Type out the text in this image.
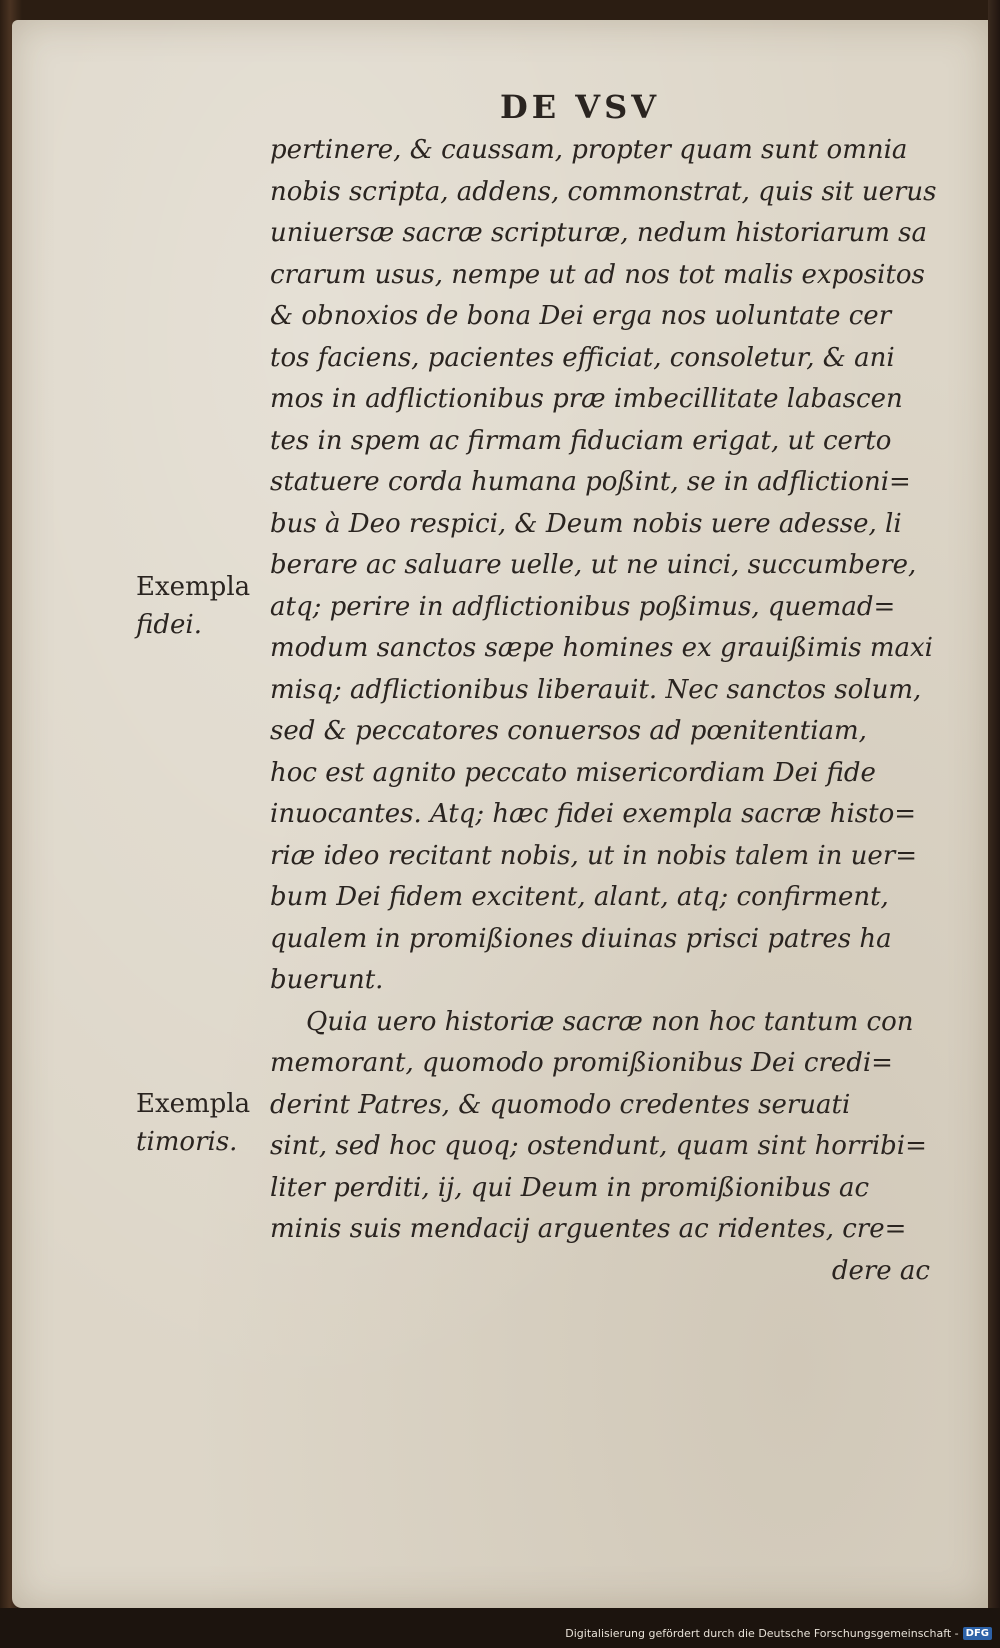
DE VSV
pertinere, & caussam, propter quam sunt omnia
nobis scripta, addens, commonstrat, quis sit uerus
uniuersæ sacræ scripturæ, nedum historiarum sa
crarum usus, nempe ut ad nos tot malis expositos
& obnoxios de bona Dei erga nos uoluntate cer
tos faciens, pacientes efficiat, consoletur, & ani
mos in adflictionibus præ imbecillitate labascen
tes in spem ac firmam fiduciam erigat, ut certo
statuere corda humana poßint, se in adflictioni=
bus à Deo respici, & Deum nobis uere adesse, li
berare ac saluare uelle, ut ne uinci, succumbere,
atq; perire in adflictionibus poßimus, quemad=
modum sanctos sæpe homines ex grauißimis maxi
misq; adflictionibus liberauit. Nec sanctos solum,
sed & peccatores conuersos ad pœnitentiam,
hoc est agnito peccato misericordiam Dei fide
inuocantes. Atq; hæc fidei exempla sacræ histo=
riæ ideo recitant nobis, ut in nobis talem in uer=
bum Dei fidem excitent, alant, atq; confirment,
qualem in promißiones diuinas prisci patres ha
buerunt.
Quia uero historiæ sacræ non hoc tantum con
memorant, quomodo promißionibus Dei credi=
derint Patres, & quomodo credentes seruati
sint, sed hoc quoq; ostendunt, quam sint horribi=
liter perditi, ij, qui Deum in promißionibus ac
minis suis mendacij arguentes ac ridentes, cre=
dere ac
Exempla
fidei.
Exempla
timoris.
Digitalisierung gefördert durch die Deutsche Forschungsgemeinschaft - DFG
